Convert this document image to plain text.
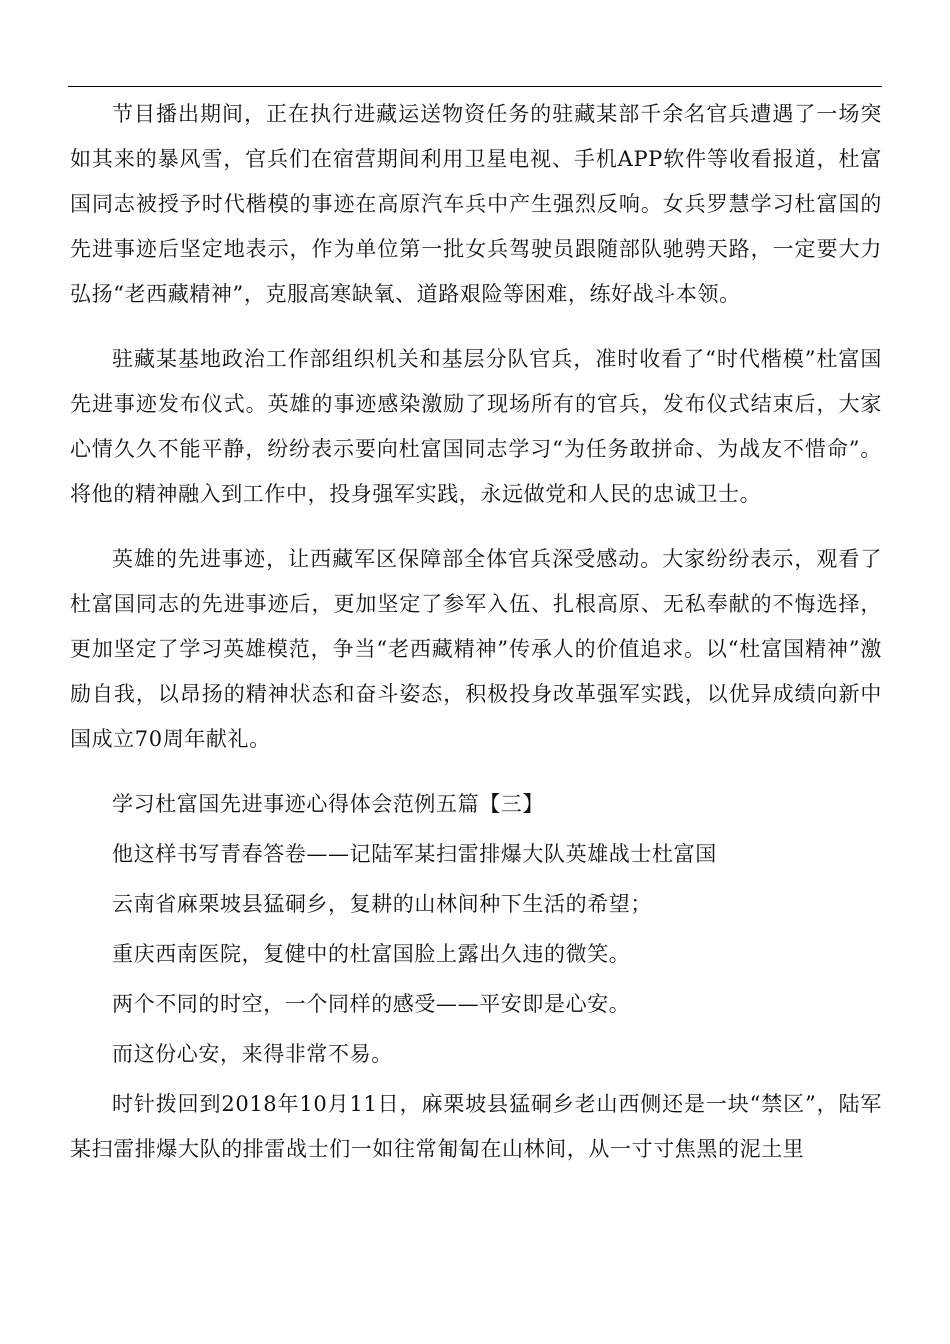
节目播出期间，正在执行进藏运送物资任务的驻藏某部千余名官兵遭遇了一场突如其来的暴风雪，官兵们在宿营期间利用卫星电视、手机APP软件等收看报道，杜富国同志被授予时代楷模的事迹在高原汽车兵中产生强烈反响。女兵罗慧学习杜富国的先进事迹后坚定地表示，作为单位第一批女兵驾驶员跟随部队驰骋天路，一定要大力弘扬“老西藏精神”，克服高寒缺氧、道路艰险等困难，练好战斗本领。

驻藏某基地政治工作部组织机关和基层分队官兵，准时收看了“时代楷模”杜富国先进事迹发布仪式。英雄的事迹感染激励了现场所有的官兵，发布仪式结束后，大家心情久久不能平静，纷纷表示要向杜富国同志学习“为任务敢拼命、为战友不惜命”。将他的精神融入到工作中，投身强军实践，永远做党和人民的忠诚卫士。

英雄的先进事迹，让西藏军区保障部全体官兵深受感动。大家纷纷表示，观看了杜富国同志的先进事迹后，更加坚定了参军入伍、扎根高原、无私奉献的不悔选择，更加坚定了学习英雄模范，争当“老西藏精神”传承人的价值追求。以“杜富国精神”激励自我，以昂扬的精神状态和奋斗姿态，积极投身改革强军实践，以优异成绩向新中国成立70周年献礼。

学习杜富国先进事迹心得体会范例五篇【三】

他这样书写青春答卷——记陆军某扫雷排爆大队英雄战士杜富国

云南省麻栗坡县猛硐乡，复耕的山林间种下生活的希望；

重庆西南医院，复健中的杜富国脸上露出久违的微笑。

两个不同的时空，一个同样的感受——平安即是心安。

而这份心安，来得非常不易。

时针拨回到2018年10月11日，麻栗坡县猛硐乡老山西侧还是一块“禁区”，陆军某扫雷排爆大队的排雷战士们一如往常匍匐在山林间，从一寸寸焦黑的泥土里
